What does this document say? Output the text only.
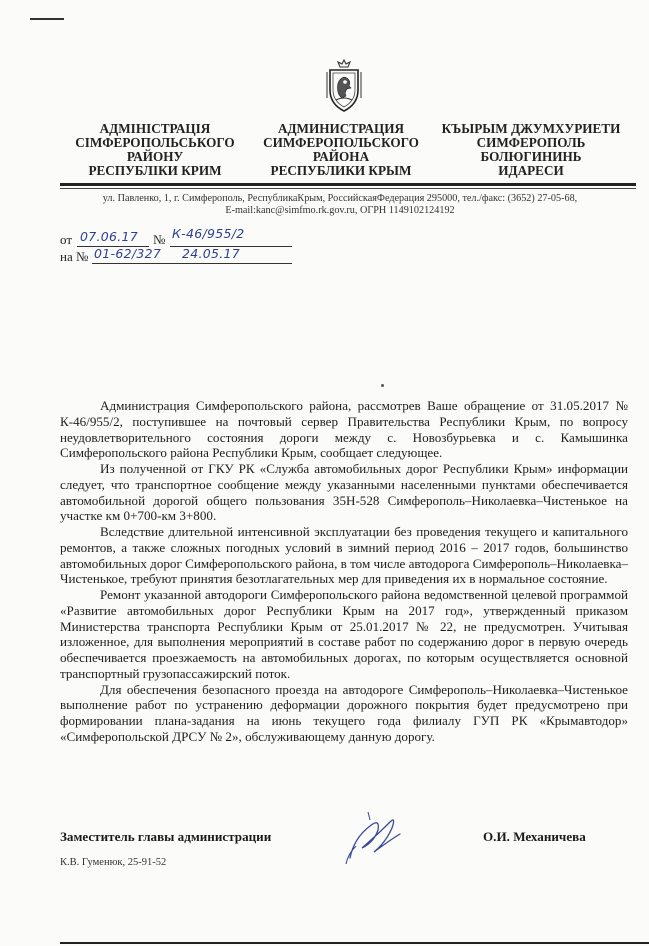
АДМІНІСТРАЦІЯ
СІМФЕРОПОЛЬСЬКОГО
РАЙОНУ
РЕСПУБЛІКИ КРИМ
АДМИНИСТРАЦИЯ
СИМФЕРОПОЛЬСКОГО
РАЙОНА
РЕСПУБЛИКИ КРЫМ
КЪЫРЫМ ДЖУМХУРИЕТИ
СИМФЕРОПОЛЬ
БОЛЮГИНИНЬ
ИДАРЕСИ
ул. Павленко, 1, г. Симферополь, РеспубликаКрым, РоссийскаяФедерация 295000, тел./факс: (3652) 27-05-68,
E-mail:kanc@simfmo.rk.gov.ru, ОГРН 1149102124192
от 07.06.17 № К-46/955/2
на № 01-62/327 24.05.17

Администрация Симферопольского района, рассмотрев Ваше обращение от 31.05.2017 № К-46/955/2, поступившее на почтовый сервер Правительства Республики Крым, по вопросу неудовлетворительного состояния дороги между с. Новозбурьевка и с. Камышинка Симферопольского района Республики Крым, сообщает следующее.

Из полученной от ГКУ РК «Служба автомобильных дорог Республики Крым» информации следует, что транспортное сообщение между указанными населенными пунктами обеспечивается автомобильной дорогой общего пользования 35Н-528 Симферополь–Николаевка–Чистенькое на участке км 0+700-км 3+800.

Вследствие длительной интенсивной эксплуатации без проведения текущего и капитального ремонтов, а также сложных погодных условий в зимний период 2016 – 2017 годов, большинство автомобильных дорог Симферопольского района, в том числе автодорога Симферополь–Николаевка–Чистенькое, требуют принятия безотлагательных мер для приведения их в нормальное состояние.

Ремонт указанной автодороги Симферопольского района ведомственной целевой программой «Развитие автомобильных дорог Республики Крым на 2017 год», утвержденный приказом Министерства транспорта Республики Крым от 25.01.2017 № 22, не предусмотрен. Учитывая изложенное, для выполнения мероприятий в составе работ по содержанию дорог в первую очередь обеспечивается проезжаемость на автомобильных дорогах, по которым осуществляется основной транспортный грузопассажирский поток.

Для обеспечения безопасного проезда на автодороге Симферополь–Николаевка–Чистенькое выполнение работ по устранению деформации дорожного покрытия будет предусмотрено при формировании плана-задания на июнь текущего года филиалу ГУП РК «Крымавтодор» «Симферопольской ДРСУ № 2», обслуживающему данную дорогу.

Заместитель главы администрации	О.И. Механичева
К.В. Гуменюк, 25-91-52
